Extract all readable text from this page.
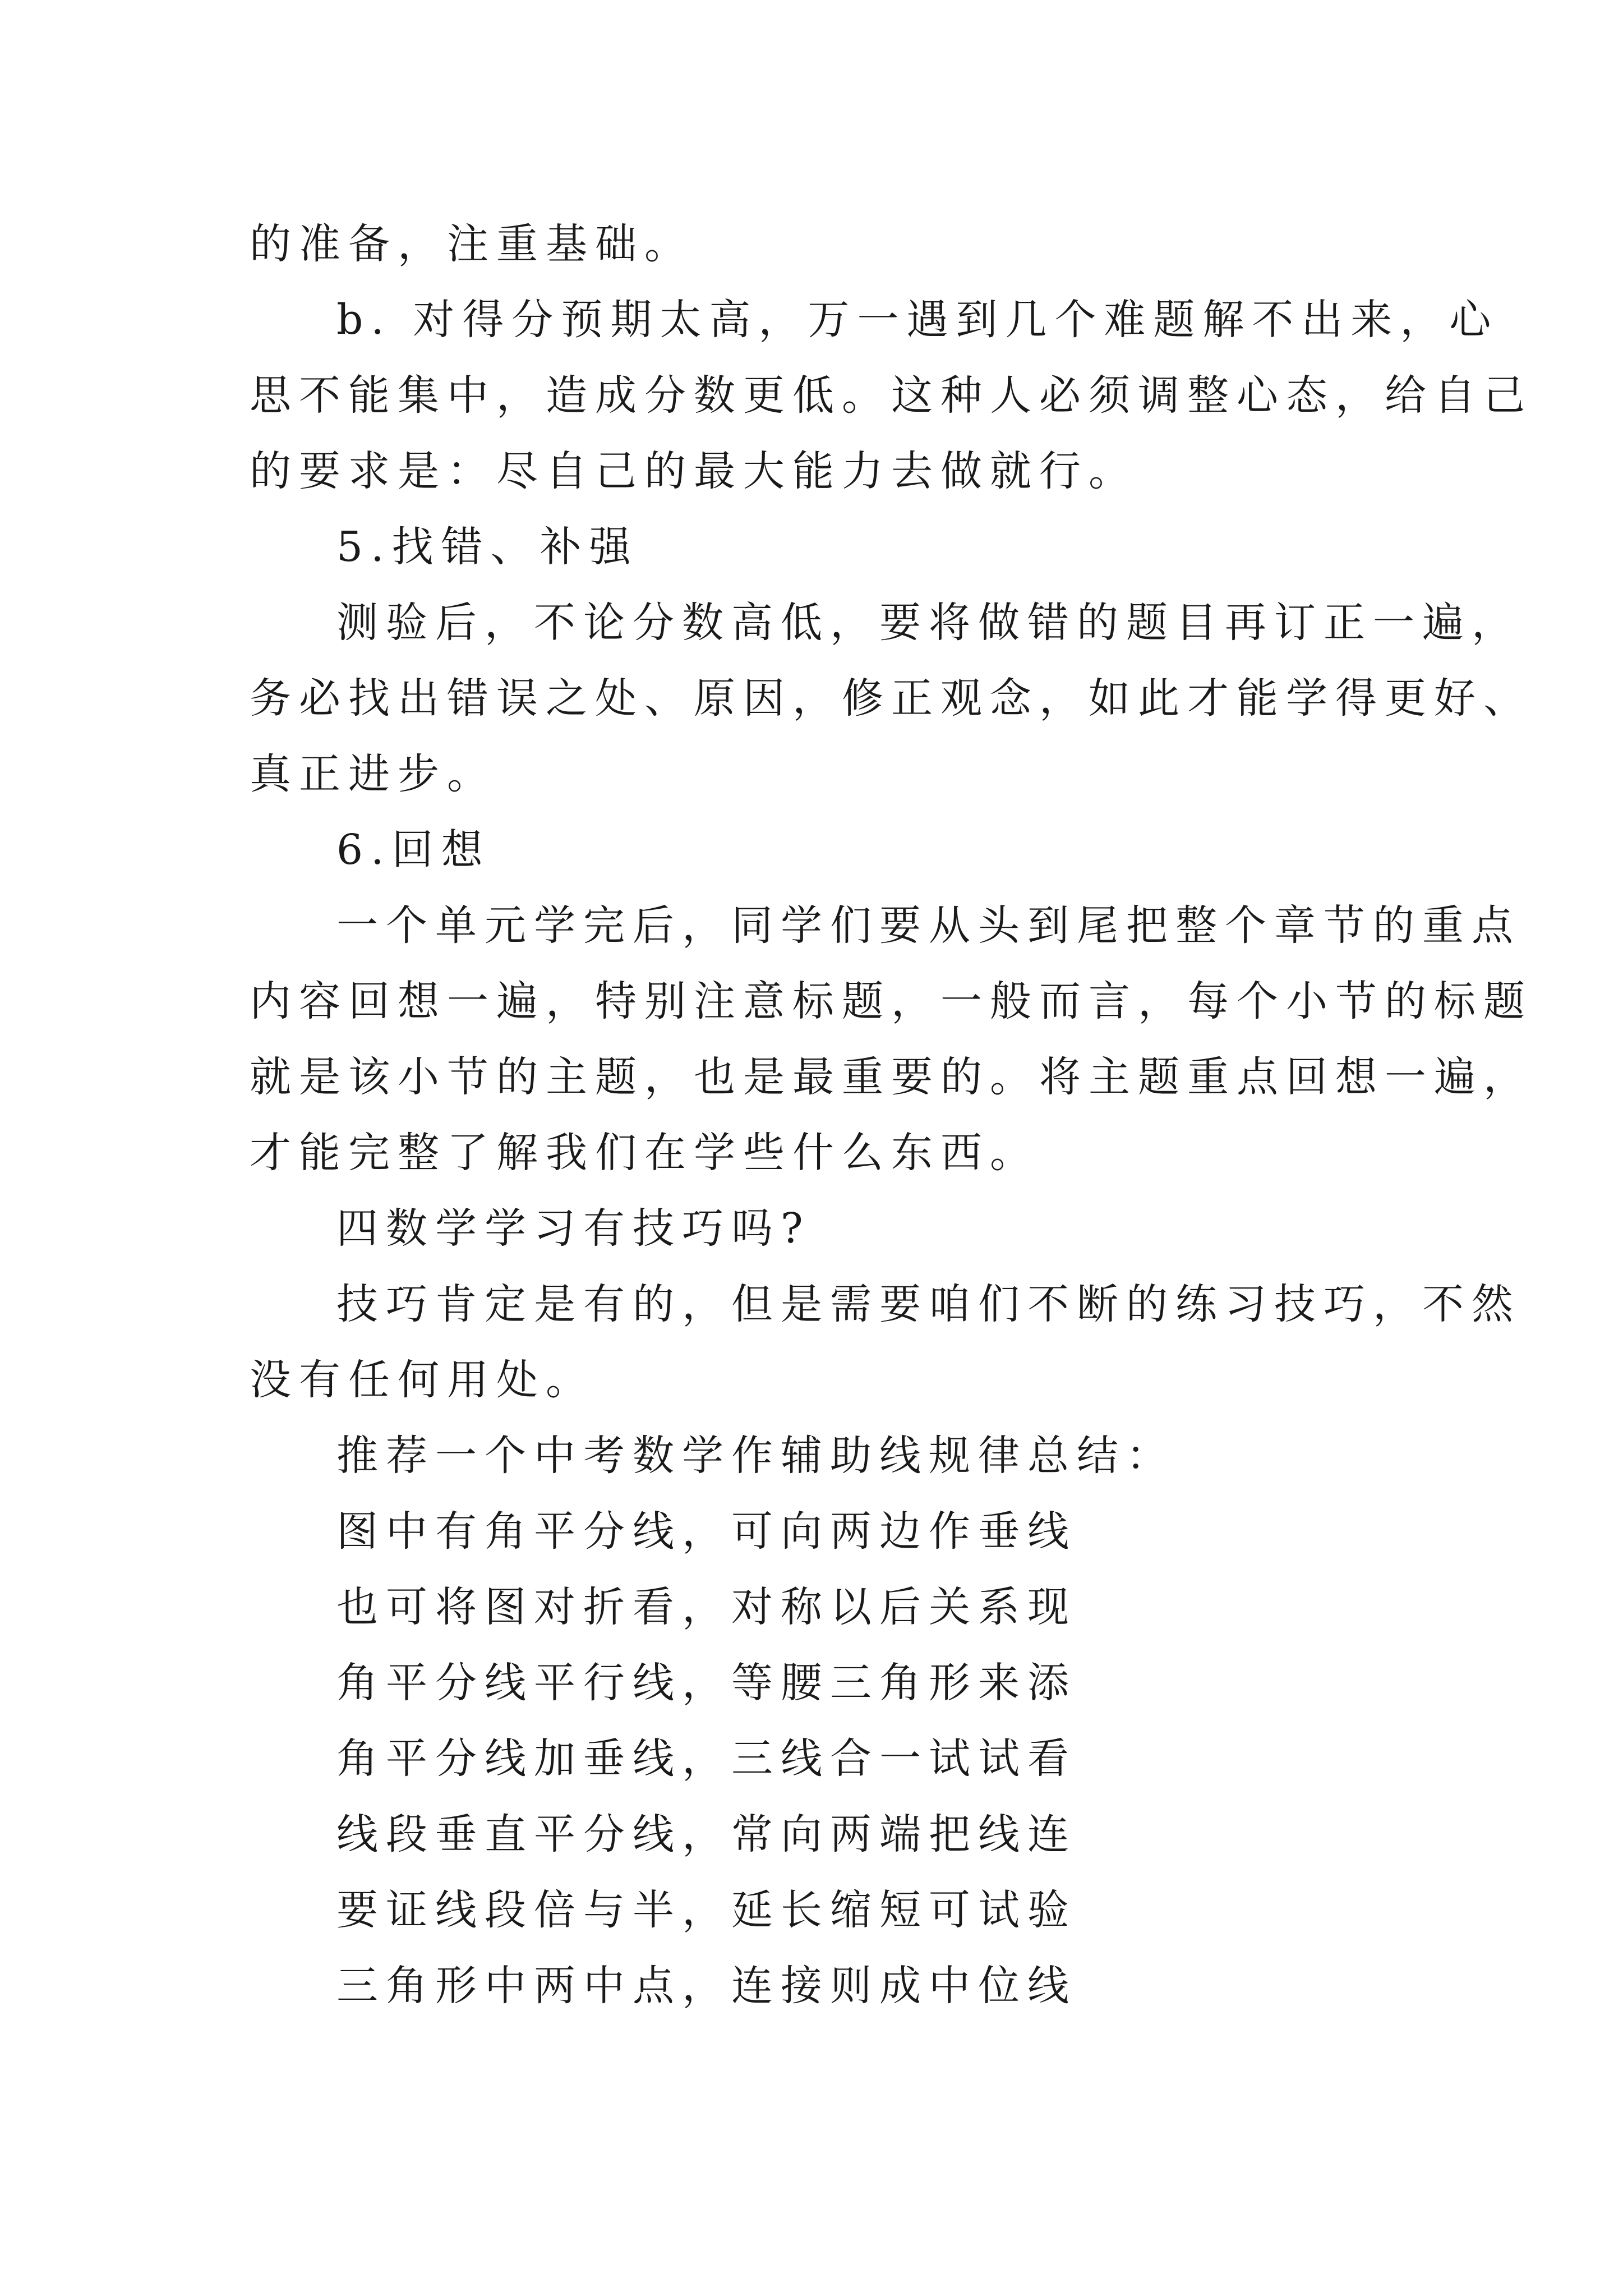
的准备，注重基础。
b. 对得分预期太高，万一遇到几个难题解不出来，心
思不能集中，造成分数更低。这种人必须调整心态，给自己
的要求是：尽自己的最大能力去做就行。
5.找错、补强
测验后，不论分数高低，要将做错的题目再订正一遍，
务必找出错误之处、原因，修正观念，如此才能学得更好、
真正进步。
6.回想
一个单元学完后，同学们要从头到尾把整个章节的重点
内容回想一遍，特别注意标题，一般而言，每个小节的标题
就是该小节的主题，也是最重要的。将主题重点回想一遍，
才能完整了解我们在学些什么东西。
四数学学习有技巧吗?
技巧肯定是有的，但是需要咱们不断的练习技巧，不然
没有任何用处。
推荐一个中考数学作辅助线规律总结：
图中有角平分线，可向两边作垂线
也可将图对折看，对称以后关系现
角平分线平行线，等腰三角形来添
角平分线加垂线，三线合一试试看
线段垂直平分线，常向两端把线连
要证线段倍与半，延长缩短可试验
三角形中两中点，连接则成中位线
